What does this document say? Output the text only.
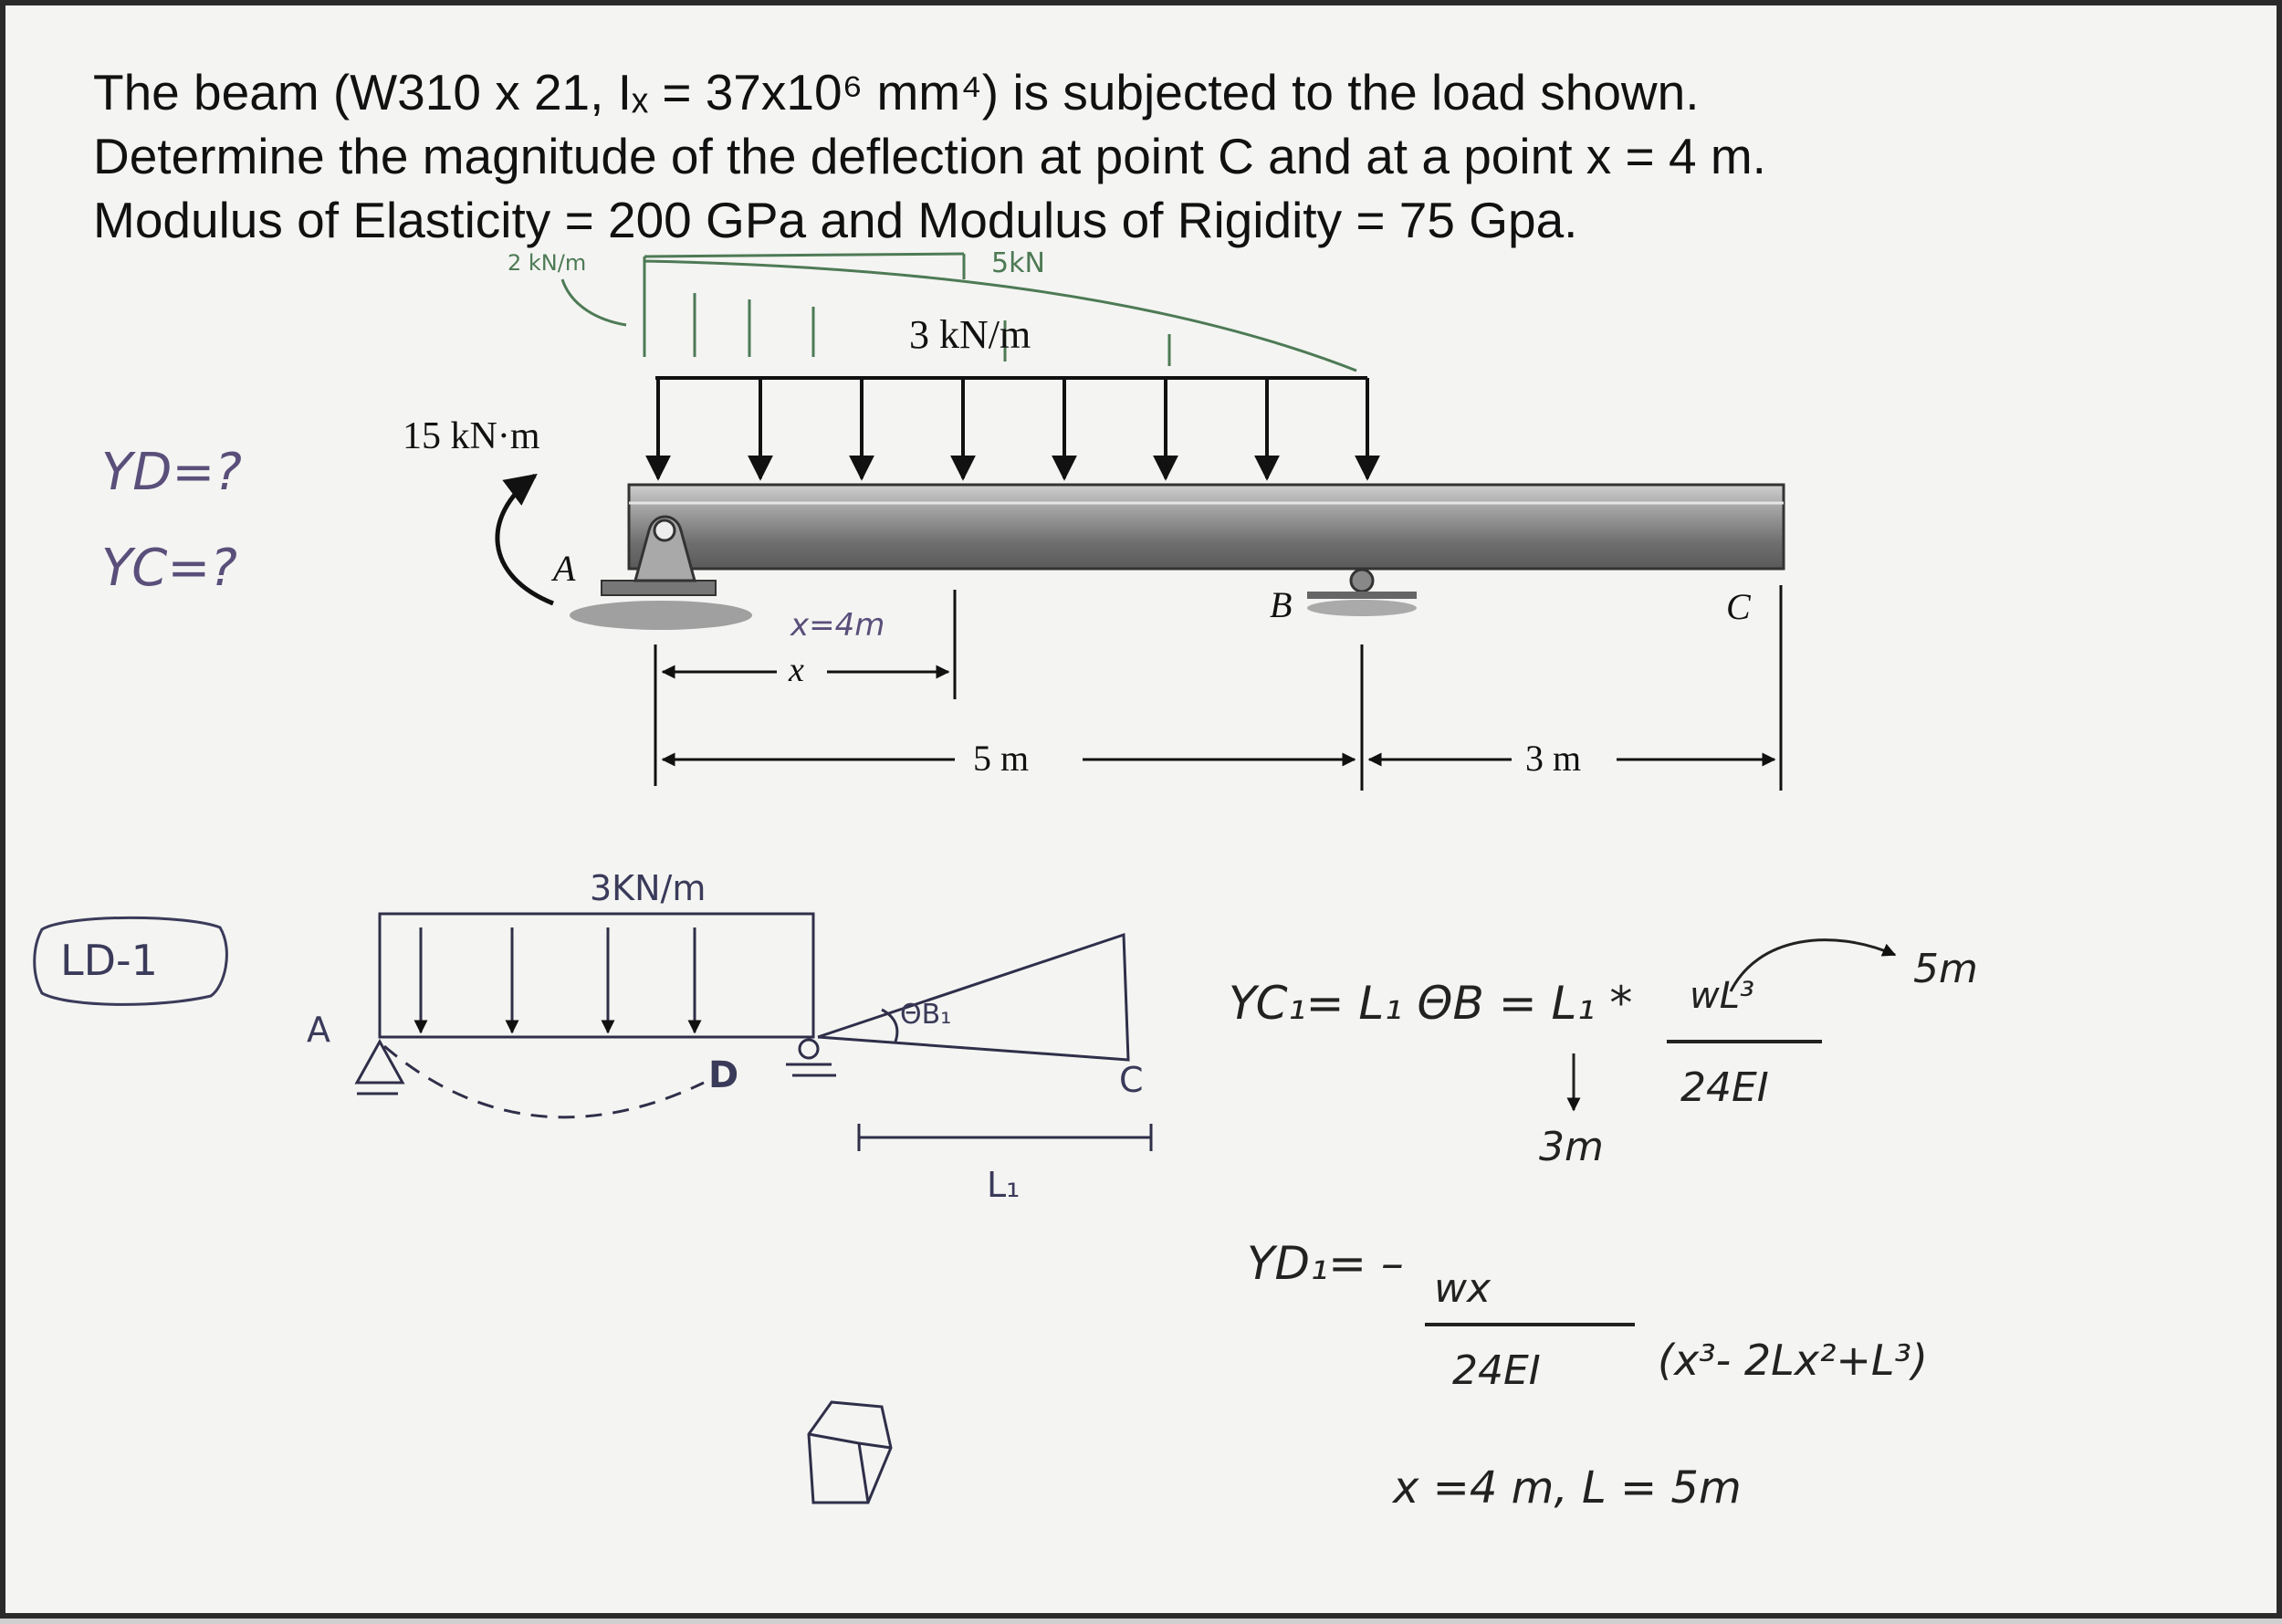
The beam (W310 x 21, Iₓ = 37x10⁶ mm⁴) is subjected to the load shown.
Determine the magnitude of the deflection at point C and at a point x = 4 m.
Modulus of Elasticity = 200 GPa and Modulus of Rigidity = 75 Gpa.
3 kN/m
15 kN·m
A
B	C
x
5 m	3 m
YD=?
YC=?
x=4m
2 kN/m	5kN
LD-1
3KN/m
A
D	C
ΘB₁
L₁
YC₁= L₁ ΘB = L₁ * wL³
24EI
3m
5m
YD₁= – wx
24EI	(x³- 2Lx²+L³)
x =4 m, L = 5m
